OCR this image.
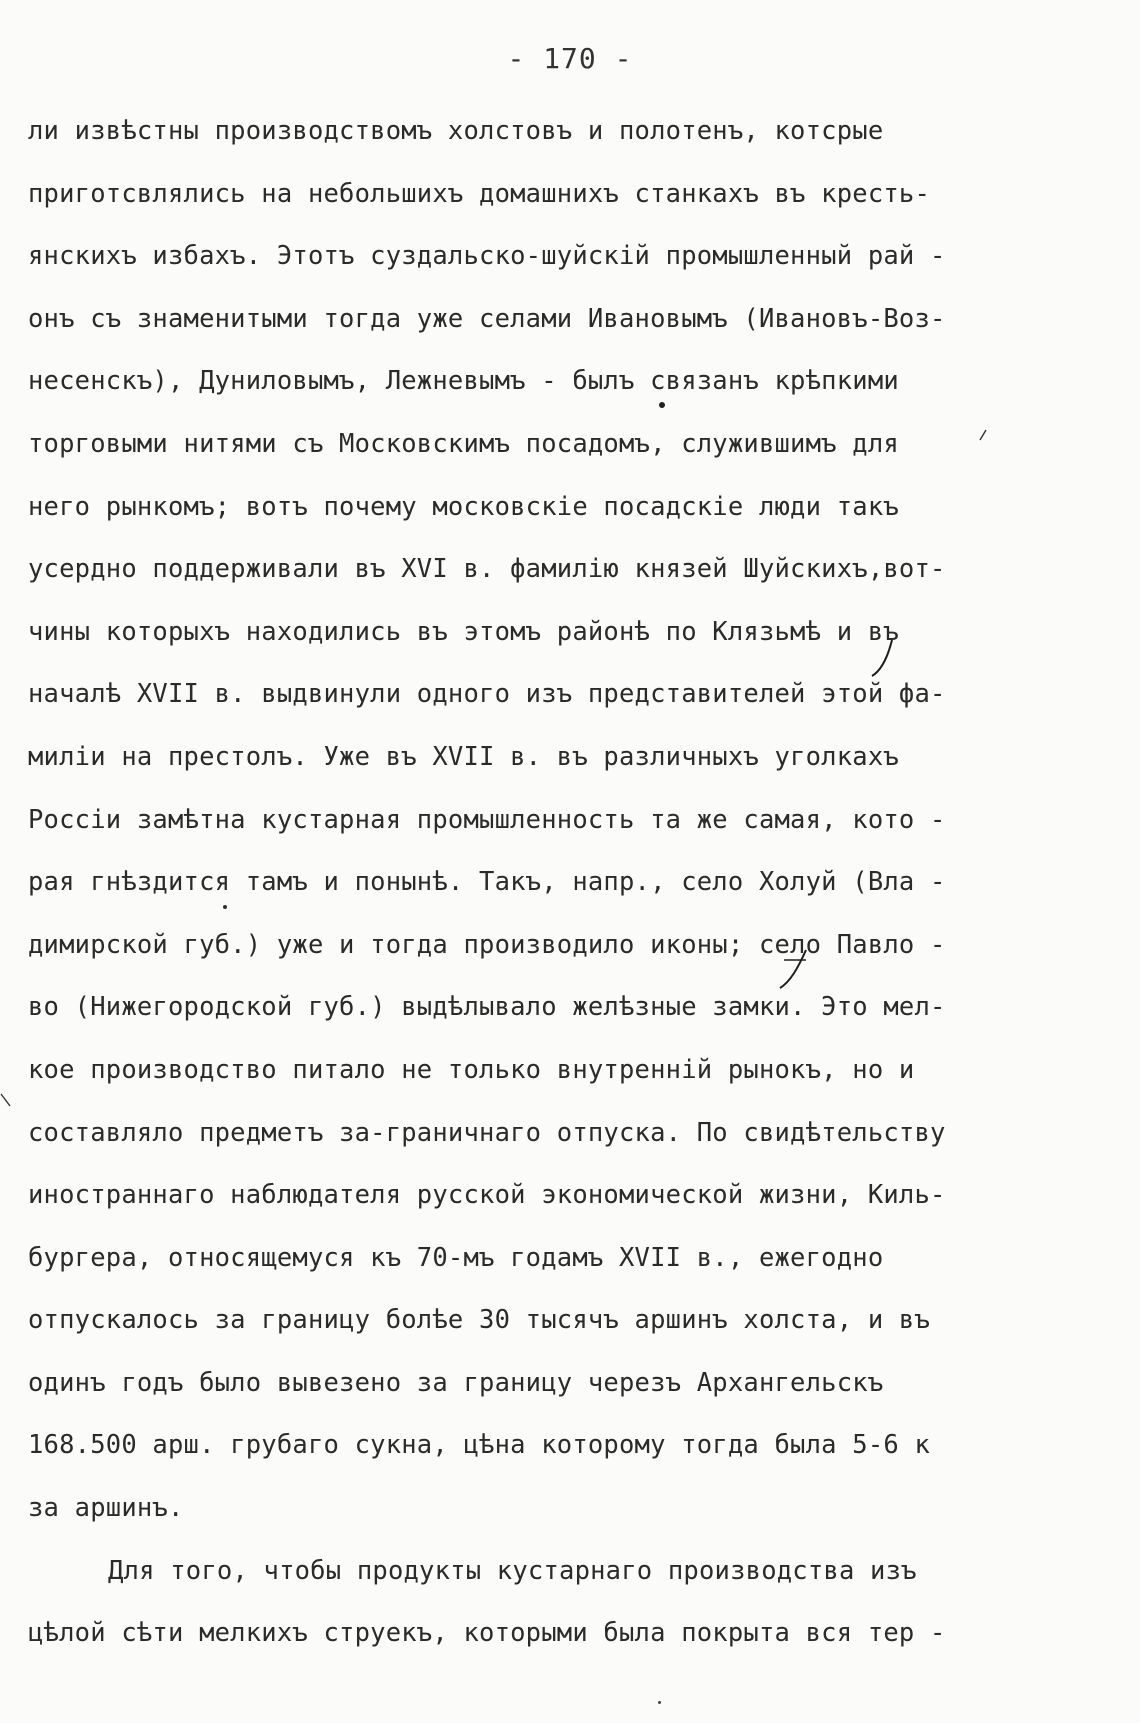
- 170 -
ли извѣстны производствомъ холстовъ и полотенъ, котсрые
приготсвлялись на небольшихъ домашнихъ станкахъ въ кресть-
янскихъ избахъ. Этотъ суздальско-шуйскій промышленный рай -
онъ съ знаменитыми тогда уже селами Ивановымъ (Ивановъ-Воз-
несенскъ), Дуниловымъ, Лежневымъ - былъ связанъ крѣпкими
торговыми нитями съ Московскимъ посадомъ, служившимъ для
него рынкомъ; вотъ почему московскіе посадскіе люди такъ
усердно поддерживали въ XVI в. фамилію князей Шуйскихъ,вот-
чины которыхъ находились въ этомъ районѣ по Клязьмѣ и въ
началѣ XVII в. выдвинули одного изъ представителей этой фа-
миліи на престолъ. Уже въ XVII в. въ различныхъ уголкахъ
Россіи замѣтна кустарная промышленность та же самая, кото -
рая гнѣздится тамъ и понынѣ. Такъ, напр., село Холуй (Вла -
димирской губ.) уже и тогда производило иконы; село Павло -
во (Нижегородской губ.) выдѣлывало желѣзные замки. Это мел-
кое производство питало не только внутренній рынокъ, но и
составляло предметъ за-граничнаго отпуска. По свидѣтельству
иностраннаго наблюдателя русской экономической жизни, Киль-
бургера, относящемуся къ 70-мъ годамъ XVII в., ежегодно
отпускалось за границу болѣе 30 тысячъ аршинъ холста, и въ
одинъ годъ было вывезено за границу черезъ Архангельскъ
168.500 арш. грубаго сукна, цѣна которому тогда была 5-6 к
за аршинъ.
Для того, чтобы продукты кустарнаго производства изъ
цѣлой сѣти мелкихъ струекъ, которыми была покрыта вся тер -
